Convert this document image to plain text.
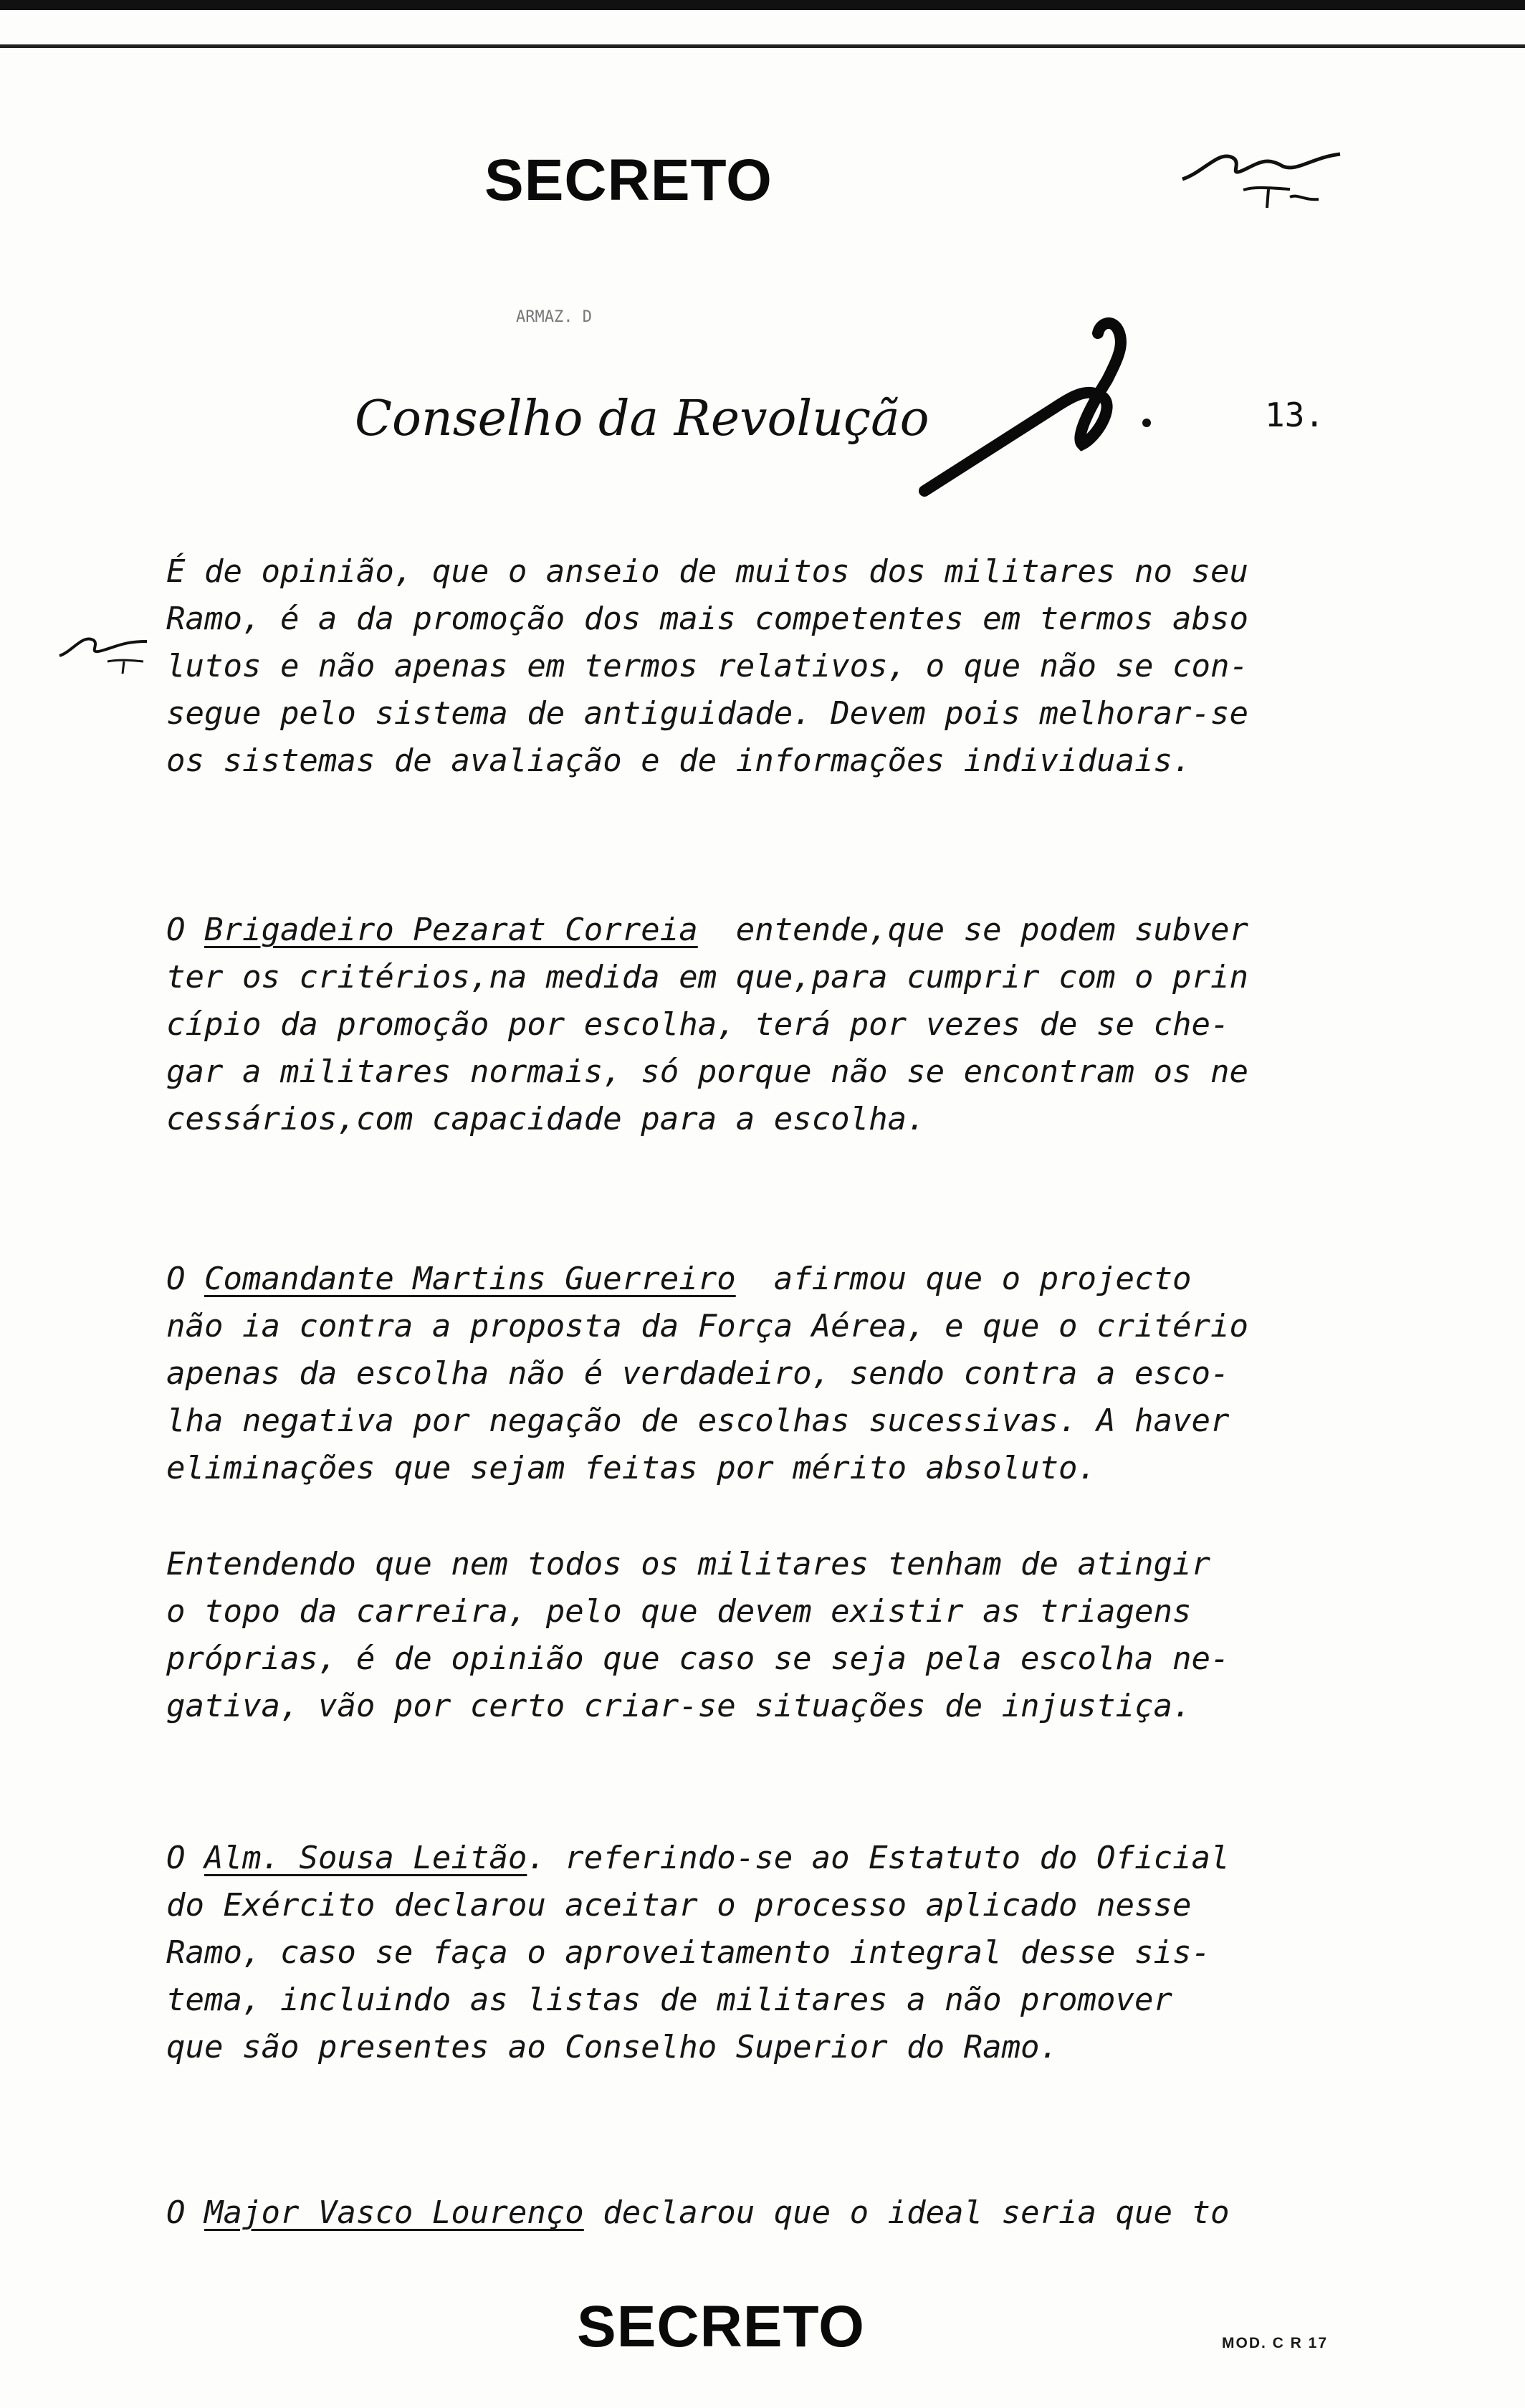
SECRETO
ARMAZ. D
Conselho da Revolução	13.
É de opinião, que o anseio de muitos dos militares no seu
Ramo, é a da promoção dos mais competentes em termos abso
lutos e não apenas em termos relativos, o que não se con-
segue pelo sistema de antiguidade. Devem pois melhorar-se
os sistemas de avaliação e de informações individuais.
O Brigadeiro Pezarat Correia  entende,que se podem subver
ter os critérios,na medida em que,para cumprir com o prin
cípio da promoção por escolha, terá por vezes de se che-
gar a militares normais, só porque não se encontram os ne
cessários,com capacidade para a escolha.
O Comandante Martins Guerreiro  afirmou que o projecto
não ia contra a proposta da Força Aérea, e que o critério
apenas da escolha não é verdadeiro, sendo contra a esco-
lha negativa por negação de escolhas sucessivas. A haver
eliminações que sejam feitas por mérito absoluto.
Entendendo que nem todos os militares tenham de atingir
o topo da carreira, pelo que devem existir as triagens
próprias, é de opinião que caso se seja pela escolha ne-
gativa, vão por certo criar-se situações de injustiça.
O Alm. Sousa Leitão. referindo-se ao Estatuto do Oficial
do Exército declarou aceitar o processo aplicado nesse
Ramo, caso se faça o aproveitamento integral desse sis-
tema, incluindo as listas de militares a não promover
que são presentes ao Conselho Superior do Ramo.
O Major Vasco Lourenço declarou que o ideal seria que to
SECRETO	MOD. C R 17
